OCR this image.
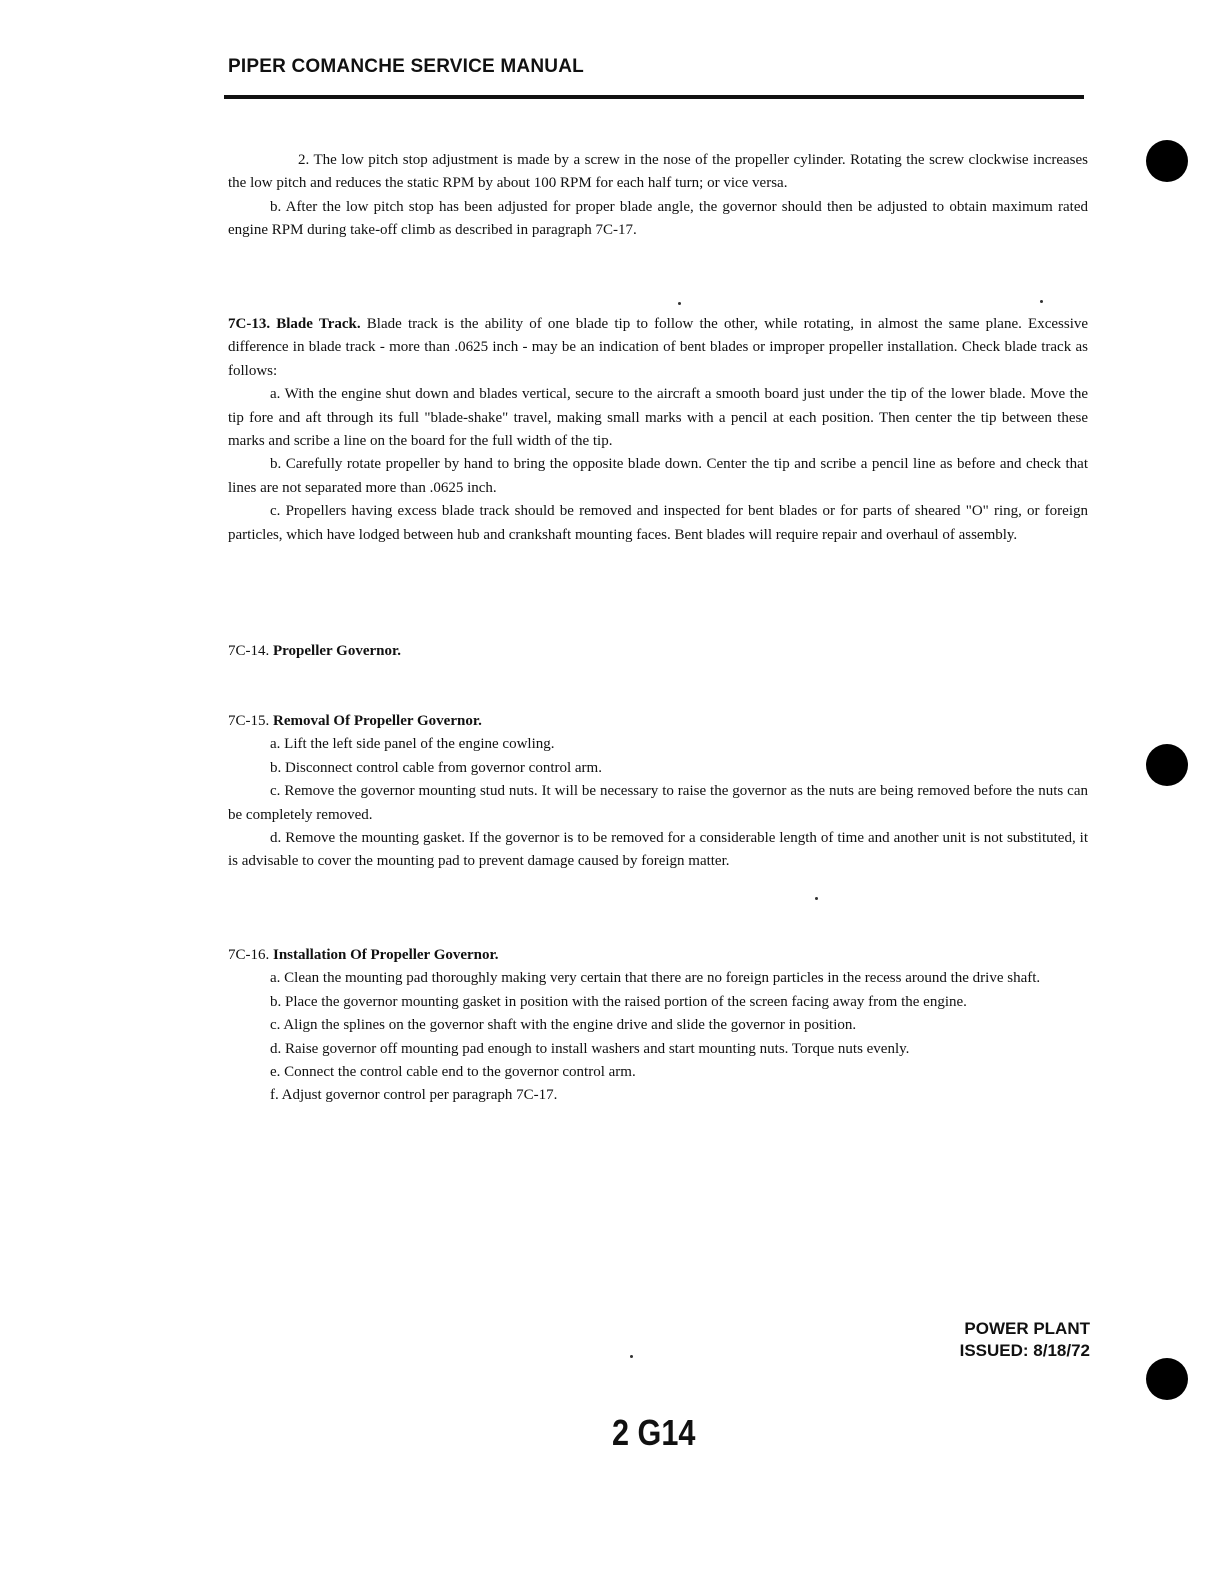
PIPER COMANCHE SERVICE MANUAL

2. The low pitch stop adjustment is made by a screw in the nose of the propeller cylinder. Rotating the screw clockwise increases the low pitch and reduces the static RPM by about 100 RPM for each half turn; or vice versa.

b. After the low pitch stop has been adjusted for proper blade angle, the governor should then be adjusted to obtain maximum rated engine RPM during take-off climb as described in paragraph 7C-17.

7C-13. Blade Track. Blade track is the ability of one blade tip to follow the other, while rotating, in almost the same plane. Excessive difference in blade track - more than .0625 inch - may be an indication of bent blades or improper propeller installation. Check blade track as follows:

a. With the engine shut down and blades vertical, secure to the aircraft a smooth board just under the tip of the lower blade. Move the tip fore and aft through its full "blade-shake" travel, making small marks with a pencil at each position. Then center the tip between these marks and scribe a line on the board for the full width of the tip.

b. Carefully rotate propeller by hand to bring the opposite blade down. Center the tip and scribe a pencil line as before and check that lines are not separated more than .0625 inch.

c. Propellers having excess blade track should be removed and inspected for bent blades or for parts of sheared "O" ring, or foreign particles, which have lodged between hub and crankshaft mounting faces. Bent blades will require repair and overhaul of assembly.

7C-14. Propeller Governor.

7C-15. Removal Of Propeller Governor.

a. Lift the left side panel of the engine cowling.

b. Disconnect control cable from governor control arm.

c. Remove the governor mounting stud nuts. It will be necessary to raise the governor as the nuts are being removed before the nuts can be completely removed.

d. Remove the mounting gasket. If the governor is to be removed for a considerable length of time and another unit is not substituted, it is advisable to cover the mounting pad to prevent damage caused by foreign matter.

7C-16. Installation Of Propeller Governor.

a. Clean the mounting pad thoroughly making very certain that there are no foreign particles in the recess around the drive shaft.

b. Place the governor mounting gasket in position with the raised portion of the screen facing away from the engine.

c. Align the splines on the governor shaft with the engine drive and slide the governor in position.

d. Raise governor off mounting pad enough to install washers and start mounting nuts. Torque nuts evenly.

e. Connect the control cable end to the governor control arm.

f. Adjust governor control per paragraph 7C-17.

POWER PLANT
ISSUED: 8/18/72
2 G14
